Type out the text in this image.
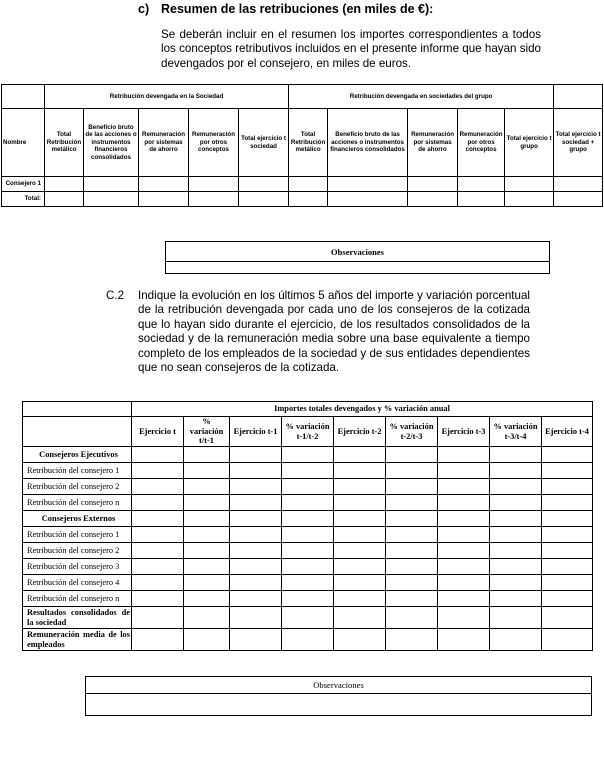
c) Resumen de las retribuciones (en miles de €):
Se deberán incluir en el resumen los importes correspondientes a todos los conceptos retributivos incluidos en el presente informe que hayan sido devengados por el consejero, en miles de euros.
	Retribución devengada en la Sociedad					Retribución devengada en sociedades del grupo					
Nombre	Total Retribución metálico	Beneficio bruto de las acciones o instrumentos financieros consolidados	Remuneración por sistemas de ahorro	Remuneración por otros conceptos	Total ejercicio t sociedad	Total Retribución metálico	Beneficio bruto de las acciones o instrumentos financieros consolidados	Remuneración por sistemas de ahorro	Remuneración por otros conceptos	Total ejercicio t grupo	Total ejercicio t sociedad + grupo
Consejero 1											
Total:											
Observaciones

C.2 Indique la evolución en los últimos 5 años del importe y variación porcentual de la retribución devengada por cada uno de los consejeros de la cotizada que lo hayan sido durante el ejercicio, de los resultados consolidados de la sociedad y de la remuneración media sobre una base equivalente a tiempo completo de los empleados de la sociedad y de sus entidades dependientes que no sean consejeros de la cotizada.
	Importes totales devengados y % variación anual								
	Ejercicio t	% variación t/t-1	Ejercicio t-1	% variación t-1/t-2	Ejercicio t-2	% variación t-2/t-3	Ejercicio t-3	% variación t-3/t-4	Ejercicio t-4
Consejeros Ejecutivos									
Retribución del consejero 1									
Retribución del consejero 2									
Retribución del consejero n									
Consejeros Externos									
Retribución del consejero 1									
Retribución del consejero 2									
Retribución del consejero 3									
Retribución del consejero 4									
Retribución del consejero n									
Resultados consolidados de la sociedad									
Remuneración media de los empleados									
Observaciones
